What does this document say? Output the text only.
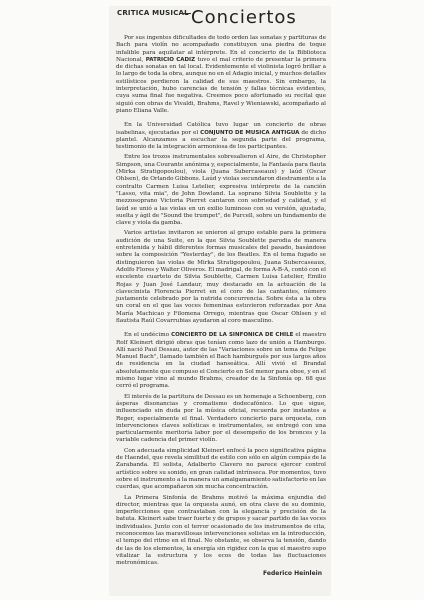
CRITICA MUSICAL Conciertos

Por sus ingentes dificultades de todo orden las sonatas y partituras de Bach para violín no acompañado constituyen una piedra de toque infalible para aquilatar al intérprete. En el concierto de la Biblioteca Nacional, PATRICIO CADIZ tuvo el mal criterio de presentar la primera de dichas sonatas en tal local. Evidentemente el violinista logró brillar a lo largo de toda la obra, aunque no en el Adagio inicial, y muchos detalles estilísticos perdieron la calidad de sus maestros. Sin embargo, la interpretación, hubo carencias de tensión y fallas técnicas evidentes, cuya suma final fue negativa. Creemos poco afortunado su recital que siguió con obras de Vivaldi, Brahms, Ravel y Wieniawski, acompañado al piano Eliana Valle.

En la Universidad Católica tuvo lugar un concierto de obras isabelinas, ejecutadas por el CONJUNTO DE MUSICA ANTIGUA de dicho plantel. Alcanzamos a escuchar la segunda parte del programa, testimonio de la integración armoniosa de los participantes.

Entre los trozos instrumentales sobresalieron el Aire, de Christopher Simpson, una Courante anónima y, especialmente, la Fantasía para flauta (Mirka Stratigopoulou), viola (Juana Subercaseaux) y laúd (Oscar Ohlsen), de Orlando Gibbons. Laúd y violas secundaron diestramente a la contralto Carmen Luisa Letelier, expresiva intérprete de la canción "Lasso, vita mia", de John Dowland. La soprano Silvia Soublette y la mezzosoprano Victoria Pierret cantaron con sobriedad y calidad, y el laúd se unió a las violas en un exilio luminoso con su versión, ajustada, suelta y ágil de "Sound the trumpet", de Purcell, sobre un fundamento de clave y viola da gamba.

Varios artistas invitaron se unieron al grupo estable para la primera audición de una Suite, en la que Silvia Soublette parodia de manera entretenida y hábil diferentes formas musicales del pasado, basándose sobre la composición "Yesterday", de los Beatles. En el tema fugado se distinguieron las violas de Mirka Stratigopoulou, Juana Subercaseaux, Adolfo Flores y Walter Oliveros. El madrigal, de forma A-B-A, contó con el excelente cuarteto de Silvia Soublette, Carmen Luisa Letelier, Emilio Rojas y Juan José Landaur, muy destacado en la actuación de la clavecinista Florencia Pierret en el coro de las cantantes, número justamente celebrado por la nutrida concurrencia. Sobre ésta a la obra un coral en el que las voces femeninas estuvieron reforzadas por Ana María Machicao y Filomena Orrego, mientras que Oscar Ohlsen y el flautista Raúl Covarrubias ayudaron al coro masculino.

En el undécimo CONCIERTO DE LA SINFONICA DE CHILE el maestro Rolf Kleinert dirigió obras que tenían como lazo de unión a Hamburgo. Allí nació Paul Dessau, autor de las "Variaciones sobre un tema de Felipe Manuel Bach", llamado también el Bach hamburgués por sus largos años de residencia en la ciudad hanseática. Allí vivió el Brandal absolutamente que compuso el Concierto en Sol menor para oboe, y en el mismo lugar vino al mundo Brahms, creador de la Sinfonía op. 68 que cerró el programa.

El interés de la partitura de Dessau es un homenaje a Schoenberg, con ásperas disonancias y cromatismo dodecafónico. Lo que sigue, influenciado sin duda por la música oficial, recuerda por instantes a Reger, especialmente el final. Verdadero concierto para orquesta, con intervenciones claves solísticas e instrumentales, se entregó con una particularmente meritoria labor por el desempeño de los bronces y la variable cadencia del primer violín.

Con adecuada simplicidad Kleinert enfocó la poco significativa página de Haendel, que revela similitud de estilo con sólo en algún compás de la Zarabanda. El solista, Adalberto Clavero no parece ejercer control artístico sobre su sonido, en gran calidad intrínseca. Por momentos, tuvo sobre el instrumento a la manera un amalgamamiento satisfactorio en las cuerdas, que acompañaron sin mucha concentración.

La Primera Sinfonía de Brahms motivó la máxima enjundia del director, mientras que la orquesta aunó, en otra clave de su dominio, imperfecciones que contrastaban con la elegancia y precisión de la batuta. Kleinert sabe traer fuerte y de grupos y sacar partido de las voces individuales. Junto con el terror ocasionado de los instrumentos de cita, reconocemos las maravillosas intervenciones solistas en la introducción, el tempo del ritmo en el final. No obstante, se observa la tensión, dando de las de los elementos, la energía sin rigidez con la que el maestro supo vitalizar la estructura y los ecos de todas las fluctuaciones metronómicas.

Federico Heinlein
